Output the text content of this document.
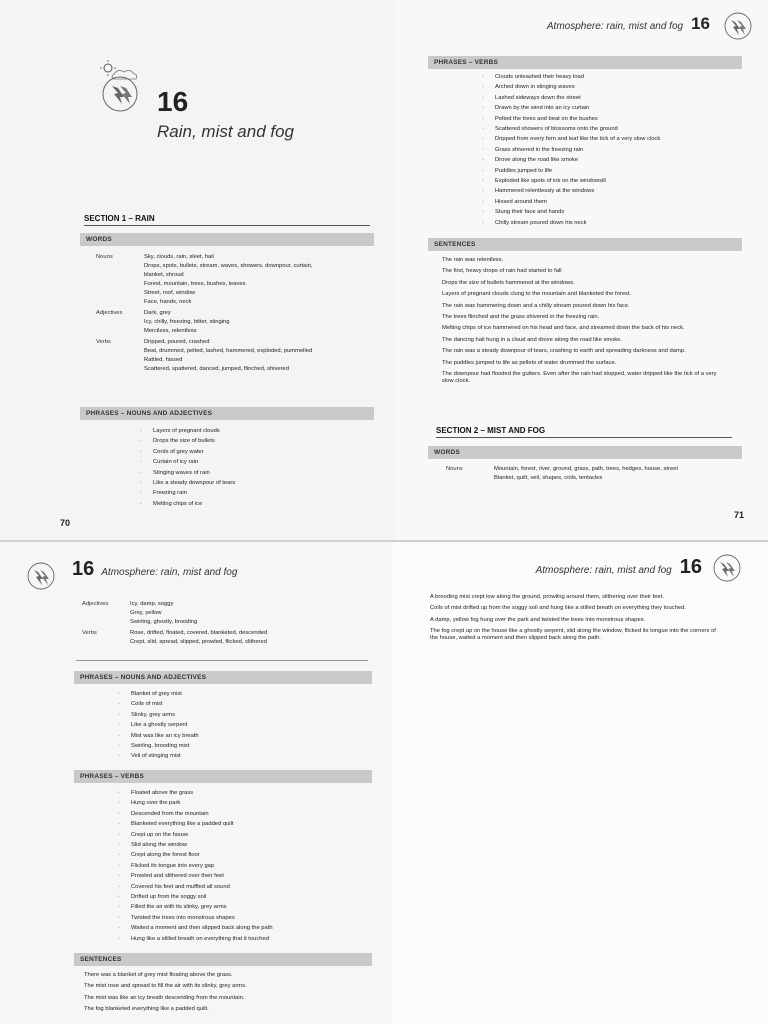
16
Rain, mist and fog
SECTION 1 – RAIN
WORDS
Nouns	Sky, clouds, rain, sleet, hail
Drops, spots, bullets, stream, waves, showers, downpour, curtain,
blanket, shroud
Forest, mountain, trees, bushes, leaves
Street, roof, window
Face, hands, neck
Adjectives	Dark, grey
Icy, chilly, freezing, bitter, stinging
Merciless, relentless
Verbs	Dripped, poured, crashed
Beat, drummed, pelted, lashed, hammered, exploded, pummelled
Rattled, hissed
Scattered, spattered, danced, jumped, flinched, shivered
PHRASES – NOUNS AND ADJECTIVES
▫ Layers of pregnant clouds
▫ Drops the size of bullets
▫ Cords of grey water
▫ Curtain of icy rain
▫ Stinging waves of rain
▫ Like a steady downpour of tears
▫ Freezing rain
▫ Melting chips of ice
70
Atmosphere: rain, mist and fog 16
PHRASES – VERBS
▫ Clouds unleashed their heavy load
▫ Arched down in stinging waves
▫ Lashed sideways down the street
▫ Drawn by the wind into an icy curtain
▫ Pelted the trees and beat on the bushes
▫ Scattered showers of blossoms onto the ground
▫ Dripped from every fern and leaf like the tick of a very slow clock
▫ Grass shivered in the freezing rain
▫ Drove along the road like smoke
▫ Puddles jumped to life
▫ Exploded like spots of ink on the windowsill
▫ Hammered relentlessly at the windows
▫ Hissed around them
▫ Stung their face and hands
▫ Chilly stream poured down his neck
SENTENCES

The rain was relentless.

The first, heavy drops of rain had started to fall

Drops the size of bullets hammered at the windows.

Layers of pregnant clouds clung to the mountain and blanketed the forest.

The rain was hammering down and a chilly stream poured down his face.

The trees flinched and the grass shivered in the freezing rain.

Melting chips of ice hammered on his head and face, and streamed down the back of his neck.

The dancing hail hung in a cloud and drove along the road like smoke.

The rain was a steady downpour of tears, crashing to earth and spreading darkness and damp.

The puddles jumped to life as pellets of water drummed the surface.

The downpour had flooded the gutters. Even after the rain had stopped, water dripped like the tick of a very slow clock.

SECTION 2 – MIST AND FOG
WORDS
Nouns	Mountain, forest, river, ground, grass, path, trees, hedges, house, street
Blanket, quilt, veil, shapes, coils, tentacles
71
16 Atmosphere: rain, mist and fog
Adjectives	Icy, damp, soggy
Grey, yellow
Swirling, ghostly, brooding
Verbs	Rose, drifted, floated, covered, blanketed, descended
Crept, slid, spread, slipped, prowled, flicked, slithered
PHRASES – NOUNS AND ADJECTIVES
▫ Blanket of grey mist
▫ Coils of mist
▫ Slinky, grey arms
▫ Like a ghostly serpent
▫ Mist was like an icy breath
▫ Swirling, brooding mist
▫ Veil of stinging mist
PHRASES – VERBS
▫ Floated above the grass
▫ Hung over the park
▫ Descended from the mountain
▫ Blanketed everything like a padded quilt
▫ Crept up on the house
▫ Slid along the window
▫ Crept along the forest floor
▫ Flicked its tongue into every gap
▫ Prowled and slithered over their feet
▫ Covered his feet and muffled all sound
▫ Drifted up from the soggy soil
▫ Filled the air with its slinky, grey arms
▫ Twisted the trees into monstrous shapes
▫ Waited a moment and then slipped back along the path
▫ Hung like a stilled breath on everything that it touched
SENTENCES

There was a blanket of grey mist floating above the grass.

The mist rose and spread to fill the air with its slinky, grey arms.

The mist was like an icy breath descending from the mountain.

The fog blanketed everything like a padded quilt.

Atmosphere: rain, mist and fog 16

A brooding mist crept low along the ground, prowling around them, slithering over their feet.

Coils of mist drifted up from the soggy soil and hung like a stilled breath on everything they touched.

A damp, yellow fog hung over the park and twisted the trees into monstrous shapes.

The fog crept up on the house like a ghostly serpent, slid along the window, flicked its tongue into the corners of the house, waited a moment and then slipped back along the path.
